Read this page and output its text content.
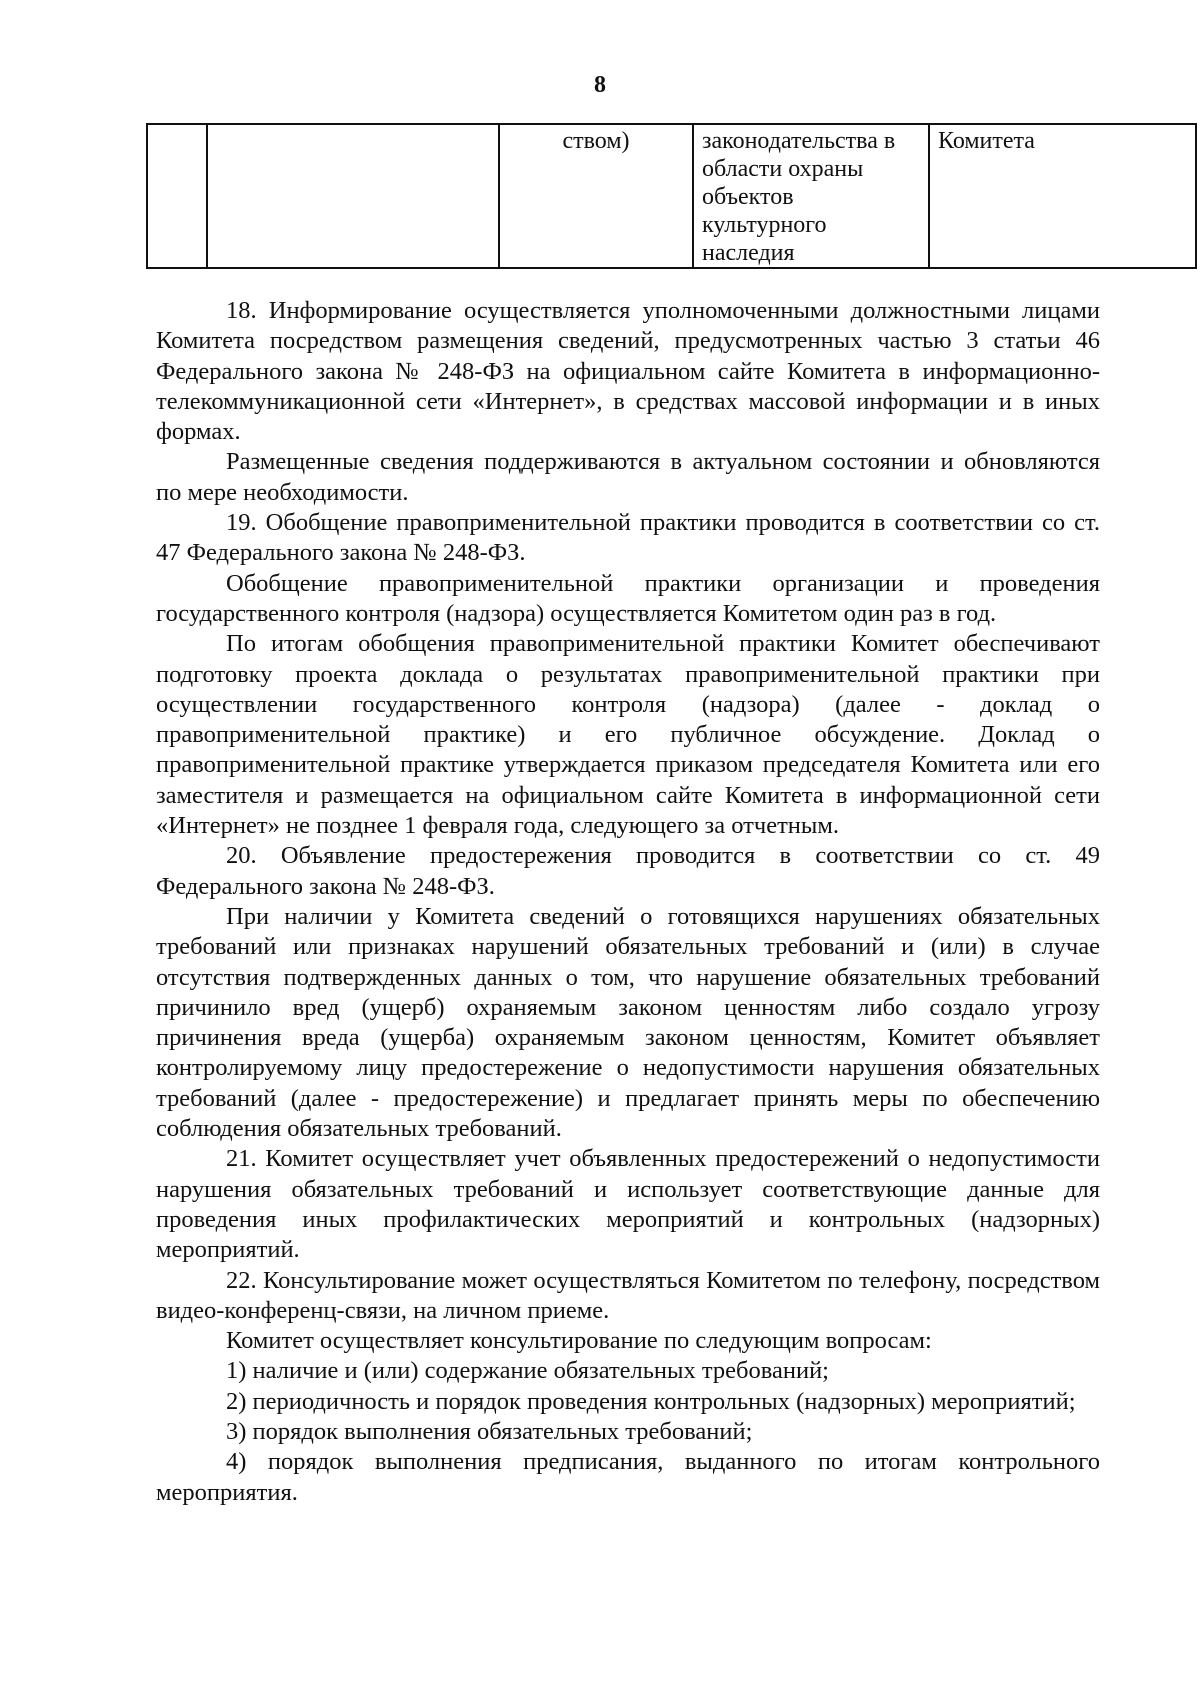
8
		ством)	законодательства в области охраны объектов культурного наследия	Комитета

18. Информирование осуществляется уполномоченными должностными лицами Комитета посредством размещения сведений, предусмотренных частью 3 статьи 46 Федерального закона № 248-ФЗ на официальном сайте Комитета в информационно-телекоммуникационной сети «Интернет», в средствах массовой информации и в иных формах.

Размещенные сведения поддерживаются в актуальном состоянии и обновляются по мере необходимости.

19. Обобщение правоприменительной практики проводится в соответствии со ст. 47 Федерального закона № 248-ФЗ.

Обобщение правоприменительной практики организации и проведения государственного контроля (надзора) осуществляется Комитетом один раз в год.

По итогам обобщения правоприменительной практики Комитет обеспечивают подготовку проекта доклада о результатах правоприменительной практики при осуществлении государственного контроля (надзора) (далее - доклад о правоприменительной практике) и его публичное обсуждение. Доклад о правоприменительной практике утверждается приказом председателя Комитета или его заместителя и размещается на официальном сайте Комитета в информационной сети «Интернет» не позднее 1 февраля года, следующего за отчетным.

20. Объявление предостережения проводится в соответствии со ст. 49 Федерального закона № 248-ФЗ.

При наличии у Комитета сведений о готовящихся нарушениях обязательных требований или признаках нарушений обязательных требований и (или) в случае отсутствия подтвержденных данных о том, что нарушение обязательных требований причинило вред (ущерб) охраняемым законом ценностям либо создало угрозу причинения вреда (ущерба) охраняемым законом ценностям, Комитет объявляет контролируемому лицу предостережение о недопустимости нарушения обязательных требований (далее - предостережение) и предлагает принять меры по обеспечению соблюдения обязательных требований.

21. Комитет осуществляет учет объявленных предостережений о недопустимости нарушения обязательных требований и использует соответствующие данные для проведения иных профилактических мероприятий и контрольных (надзорных) мероприятий.

22. Консультирование может осуществляться Комитетом по телефону, посредством видео-конференц-связи, на личном приеме.

Комитет осуществляет консультирование по следующим вопросам:

1) наличие и (или) содержание обязательных требований;

2) периодичность и порядок проведения контрольных (надзорных) мероприятий;

3) порядок выполнения обязательных требований;

4) порядок выполнения предписания, выданного по итогам контрольного мероприятия.
